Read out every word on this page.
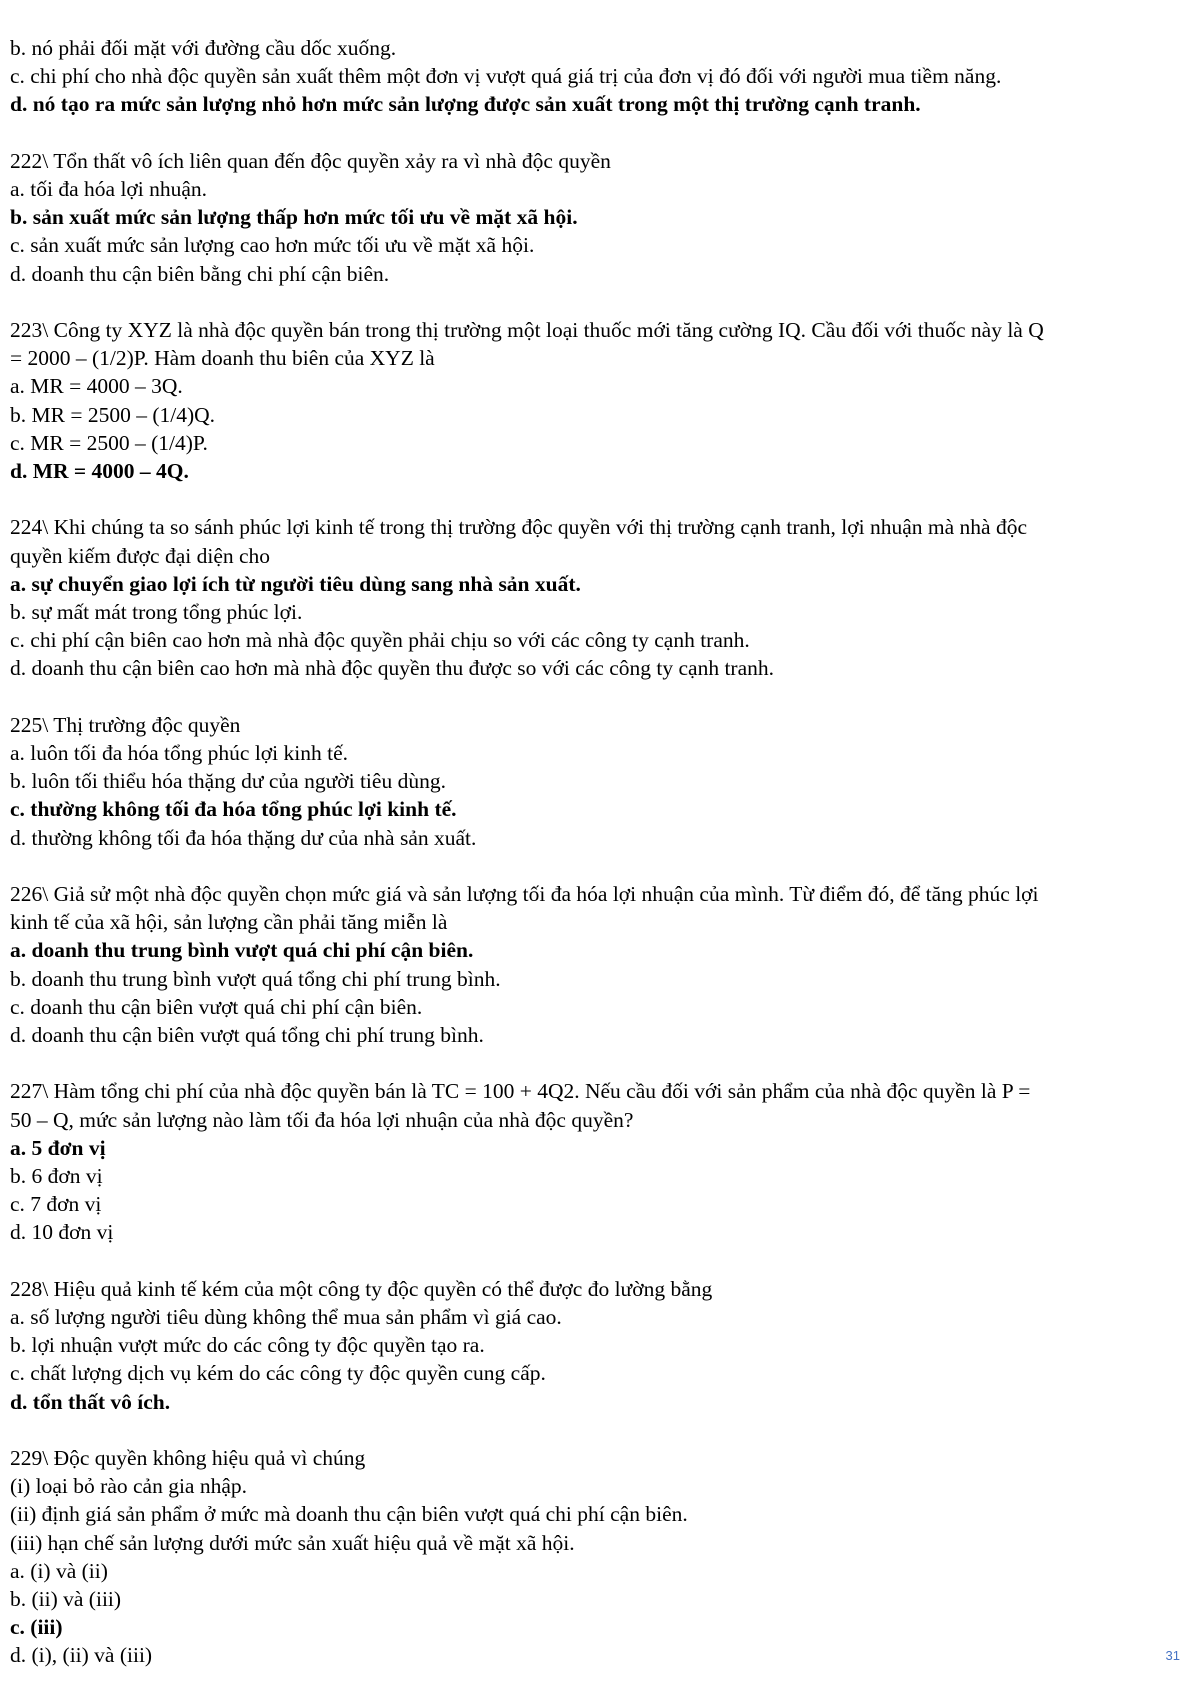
b. nó phải đối mặt với đường cầu dốc xuống.
c. chi phí cho nhà độc quyền sản xuất thêm một đơn vị vượt quá giá trị của đơn vị đó đối với người mua tiềm năng.
d. nó tạo ra mức sản lượng nhỏ hơn mức sản lượng được sản xuất trong một thị trường cạnh tranh.
222\ Tổn thất vô ích liên quan đến độc quyền xảy ra vì nhà độc quyền
a. tối đa hóa lợi nhuận.
b. sản xuất mức sản lượng thấp hơn mức tối ưu về mặt xã hội.
c. sản xuất mức sản lượng cao hơn mức tối ưu về mặt xã hội.
d. doanh thu cận biên bằng chi phí cận biên.
223\ Công ty XYZ là nhà độc quyền bán trong thị trường một loại thuốc mới tăng cường IQ. Cầu đối với thuốc này là Q
= 2000 – (1/2)P. Hàm doanh thu biên của XYZ là
a. MR = 4000 – 3Q.
b. MR = 2500 – (1/4)Q.
c. MR = 2500 – (1/4)P.
d. MR = 4000 – 4Q.
224\ Khi chúng ta so sánh phúc lợi kinh tế trong thị trường độc quyền với thị trường cạnh tranh, lợi nhuận mà nhà độc
quyền kiếm được đại diện cho
a. sự chuyển giao lợi ích từ người tiêu dùng sang nhà sản xuất.
b. sự mất mát trong tổng phúc lợi.
c. chi phí cận biên cao hơn mà nhà độc quyền phải chịu so với các công ty cạnh tranh.
d. doanh thu cận biên cao hơn mà nhà độc quyền thu được so với các công ty cạnh tranh.
225\ Thị trường độc quyền
a. luôn tối đa hóa tổng phúc lợi kinh tế.
b. luôn tối thiểu hóa thặng dư của người tiêu dùng.
c. thường không tối đa hóa tổng phúc lợi kinh tế.
d. thường không tối đa hóa thặng dư của nhà sản xuất.
226\ Giả sử một nhà độc quyền chọn mức giá và sản lượng tối đa hóa lợi nhuận của mình. Từ điểm đó, để tăng phúc lợi
kinh tế của xã hội, sản lượng cần phải tăng miễn là
a. doanh thu trung bình vượt quá chi phí cận biên.
b. doanh thu trung bình vượt quá tổng chi phí trung bình.
c. doanh thu cận biên vượt quá chi phí cận biên.
d. doanh thu cận biên vượt quá tổng chi phí trung bình.
227\ Hàm tổng chi phí của nhà độc quyền bán là TC = 100 + 4Q2. Nếu cầu đối với sản phẩm của nhà độc quyền là P =
50 – Q, mức sản lượng nào làm tối đa hóa lợi nhuận của nhà độc quyền?
a. 5 đơn vị
b. 6 đơn vị
c. 7 đơn vị
d. 10 đơn vị
228\ Hiệu quả kinh tế kém của một công ty độc quyền có thể được đo lường bằng
a. số lượng người tiêu dùng không thể mua sản phẩm vì giá cao.
b. lợi nhuận vượt mức do các công ty độc quyền tạo ra.
c. chất lượng dịch vụ kém do các công ty độc quyền cung cấp.
d. tổn thất vô ích.
229\ Độc quyền không hiệu quả vì chúng
(i) loại bỏ rào cản gia nhập.
(ii) định giá sản phẩm ở mức mà doanh thu cận biên vượt quá chi phí cận biên.
(iii) hạn chế sản lượng dưới mức sản xuất hiệu quả về mặt xã hội.
a. (i) và (ii)
b. (ii) và (iii)
c. (iii)
d. (i), (ii) và (iii)	31
